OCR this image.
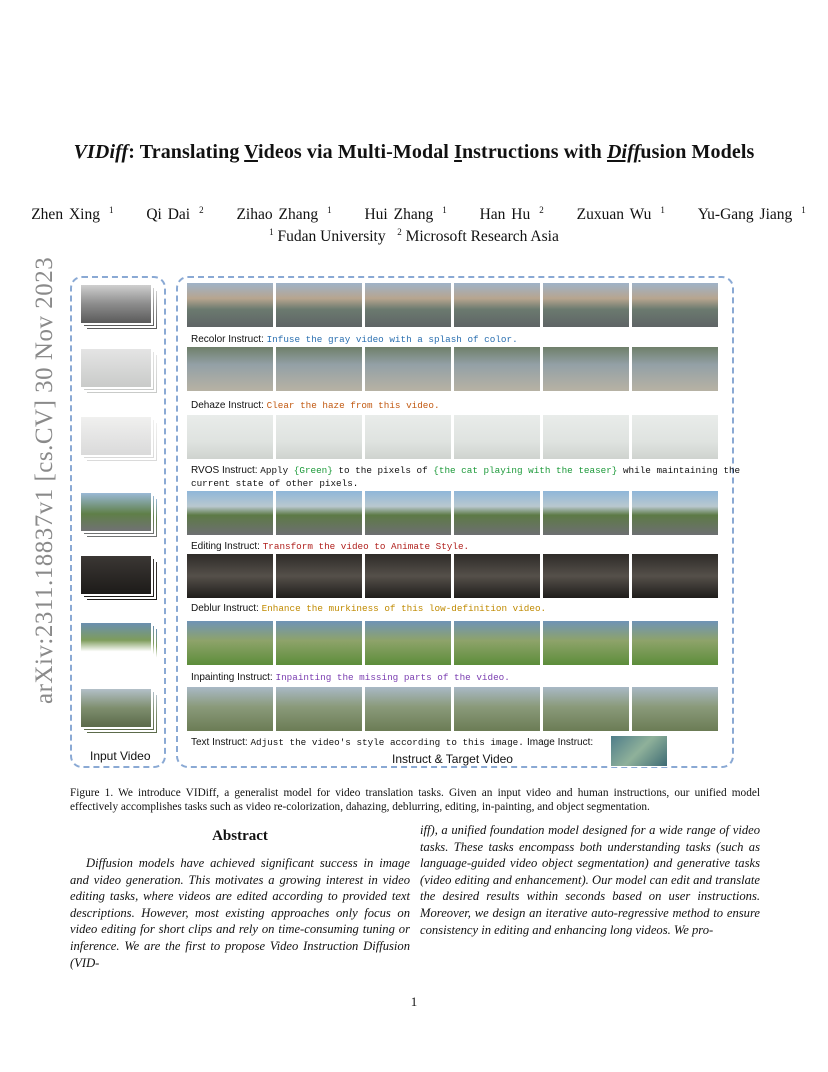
VIDiff: Translating Videos via Multi-Modal Instructions with Diffusion Models
Zhen Xing $^1$ Qi Dai $^2$ Zihao Zhang $^1$ Hui Zhang $^1$ Han Hu $^2$ Zuxuan Wu $^1$ Yu-Gang Jiang $^1$
$^1$ Fudan University $^2$ Microsoft Research Asia
arXiv:2311.18837v1 [cs.CV] 30 Nov 2023	Recolor Instruct: Infuse the gray video with a splash of color.
Dehaze Instruct: Clear the haze from this video.
RVOS Instruct: Apply {Green} to the pixels of {the cat playing with the teaser} while maintaining the
current state of other pixels.
Editing Instruct: Transform the video to Animate Style.
Deblur Instruct: Enhance the murkiness of this low-definition video.
Inpainting Instruct: Inpainting the missing parts of the video.
Text Instruct: Adjust the video's style according to this image. Image Instruct:
Input Video	Instruct & Target Video
Figure 1. We introduce VIDiff, a generalist model for video translation tasks. Given an input video and human instructions, our unified model effectively accomplishes tasks such as video re-colorization, dahazing, deblurring, editing, in-painting, and object segmentation.
Abstract
Diffusion models have achieved significant success in image and video generation. This motivates a growing interest in video editing tasks, where videos are edited according to provided text descriptions. However, most existing approaches only focus on video editing for short clips and rely on time-consuming tuning or inference. We are the first to propose Video Instruction Diffusion (VID-
iff), a unified foundation model designed for a wide range of video tasks. These tasks encompass both understanding tasks (such as language-guided video object segmentation) and generative tasks (video editing and enhancement). Our model can edit and translate the desired results within seconds based on user instructions. Moreover, we design an iterative auto-regressive method to ensure consistency in editing and enhancing long videos. We pro-
1
